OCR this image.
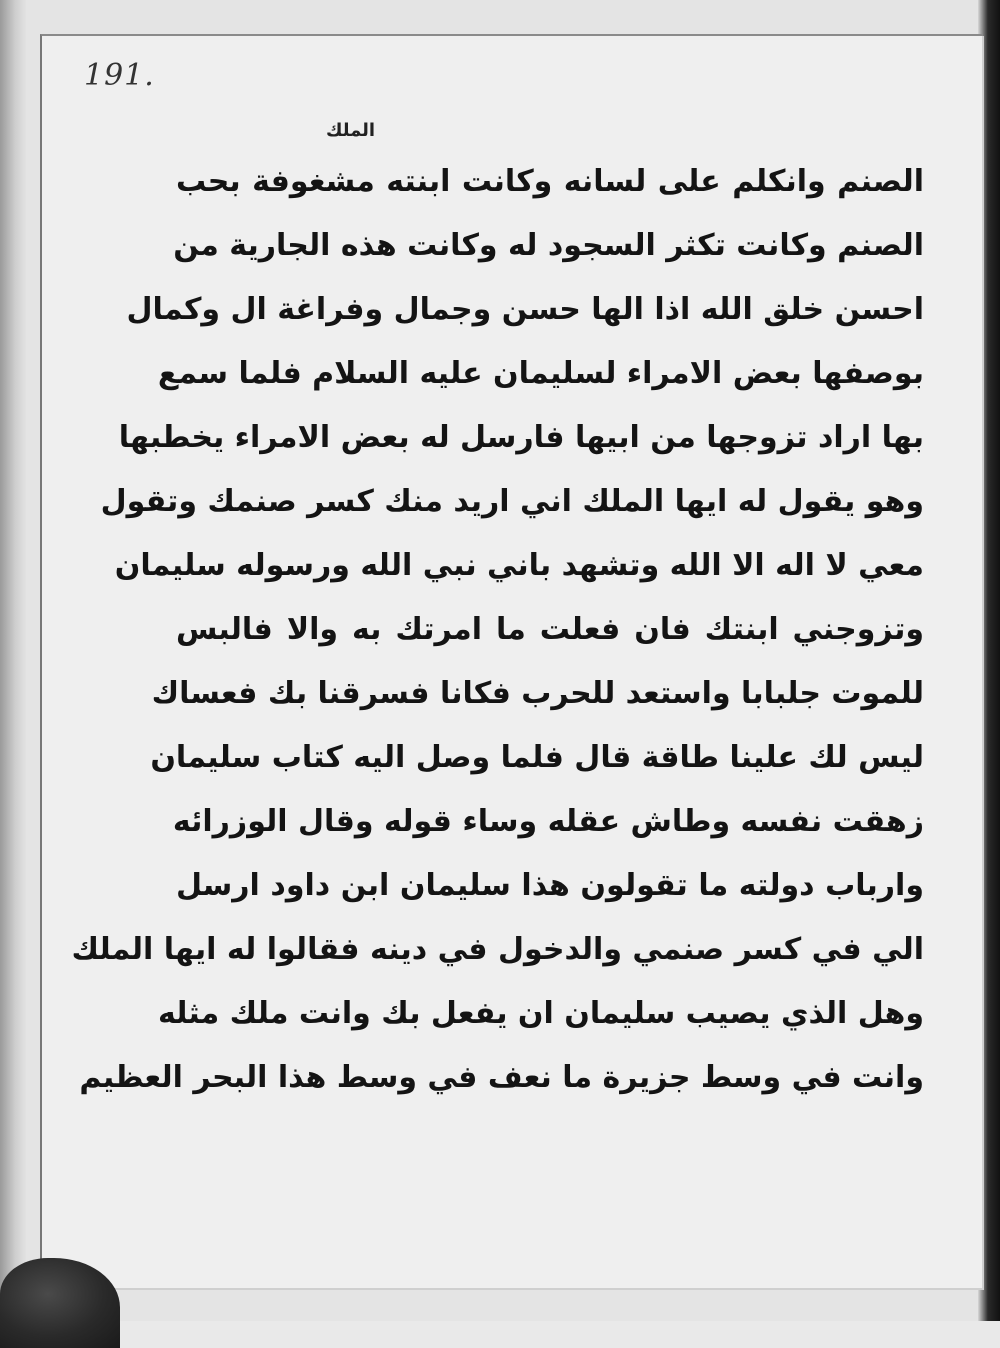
191.
الملك
الصنم وانكلم على لسانه وكانت ابنته مشغوفة بحب
الصنم وكانت تكثر السجود له وكانت هذه الجارية من
احسن خلق الله اذا الها حسن وجمال وفراغة ال وكمال
بوصفها بعض الامراء لسليمان عليه السلام فلما سمع
بها اراد تزوجها من ابيها فارسل له بعض الامراء يخطبها
وهو يقول له ايها الملك اني اريد منك كسر صنمك وتقول
معي لا اله الا الله وتشهد باني نبي الله ورسوله سليمان
وتزوجني ابنتك فان فعلت ما امرتك به والا فالبس
للموت جلبابا واستعد للحرب فكانا فسرقنا بك فعساك
ليس لك علينا طاقة قال فلما وصل اليه كتاب سليمان
زهقت نفسه وطاش عقله وساء قوله وقال الوزرائه
وارباب دولته ما تقولون هذا سليمان ابن داود ارسل
الي في كسر صنمي والدخول في دينه فقالوا له ايها الملك
وهل الذي يصيب سليمان ان يفعل بك وانت ملك مثله
وانت في وسط جزيرة ما نعف في وسط هذا البحر العظيم
